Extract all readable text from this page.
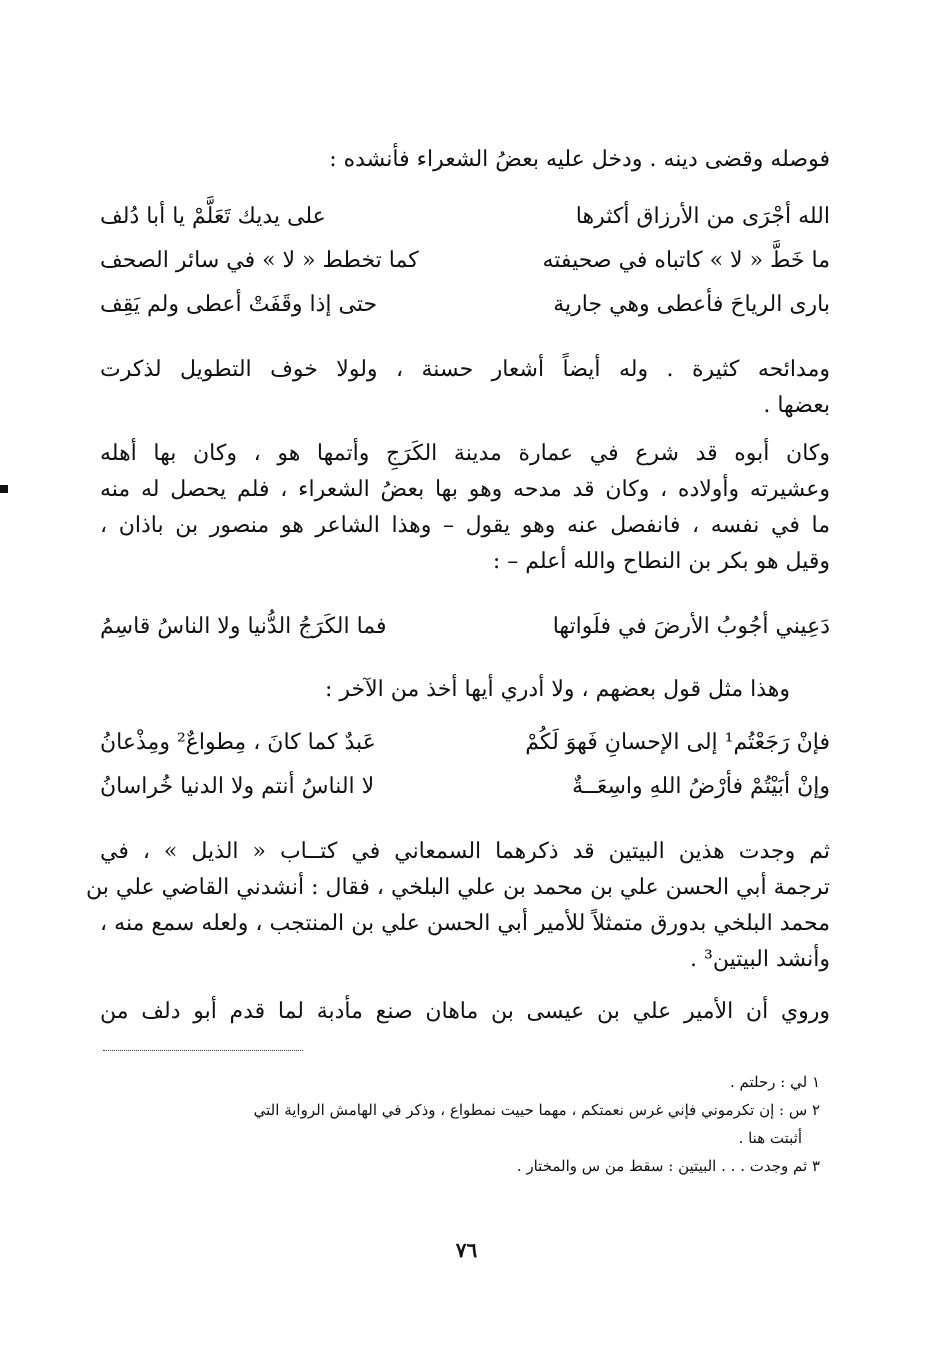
فوصله وقضى دينه . ودخل عليه بعضُ الشعراء فأنشده :
الله أجْرَى من الأرزاق أكثرها
على يديك تَعَلَّمْ يا أبا دُلف
ما خَطَّ « لا » كاتباه في صحيفته
كما تخطط « لا » في سائر الصحف
بارى الرياحَ فأعطى وهي جارية
حتى إذا وقَفَتْ أعطى ولم يَقِف
ومدائحه كثيرة . وله أيضاً أشعار حسنة ، ولولا خوف التطويل لذكرت
بعضها .
وكان أبوه قد شرع في عمارة مدينة الكَرَجِ وأتمها هو ، وكان بها أهله
وعشيرته وأولاده ، وكان قد مدحه وهو بها بعضُ الشعراء ، فلم يحصل له منه
ما في نفسه ، فانفصل عنه وهو يقول – وهذا الشاعر هو منصور بن باذان ،
وقيل هو بكر بن النطاح والله أعلم – :
دَعِيني أجُوبُ الأرضَ في فلَواتها
فما الكَرَجُ الدُّنيا ولا الناسُ قاسِمُ
وهذا مثل قول بعضهم ، ولا أدري أيها أخذ من الآخر :
فإنْ رَجَعْتُم¹ إلى الإحسانِ فَهوَ لَكُمْ
عَبدٌ كما كانَ ، مِطواعٌ² ومِذْعانُ
وإنْ أبَيْتُمْ فأرْضُ اللهِ واسِعَــةٌ
لا الناسُ أنتم ولا الدنيا خُراسانُ
ثم وجدت هذين البيتين قد ذكرهما السمعاني في كتــاب « الذيل » ، في
ترجمة أبي الحسن علي بن محمد بن علي البلخي ، فقال : أنشدني القاضي علي بن
محمد البلخي بدورق متمثلاً للأمير أبي الحسن علي بن المنتجب ، ولعله سمع منه ،
وأنشد البيتين³ .
وروي أن الأمير علي بن عيسى بن ماهان صنع مأدبة لما قدم أبو دلف من
١ لي : رحلتم .
٢ س : إن تكرموني فإني غرس نعمتكم ، مهما حييت نمطواع ، وذكر في الهامش الرواية التي
أثبتت هنا .
٣ ثم وجدت . . . البيتين : سقط من س والمختار .
٧٦
